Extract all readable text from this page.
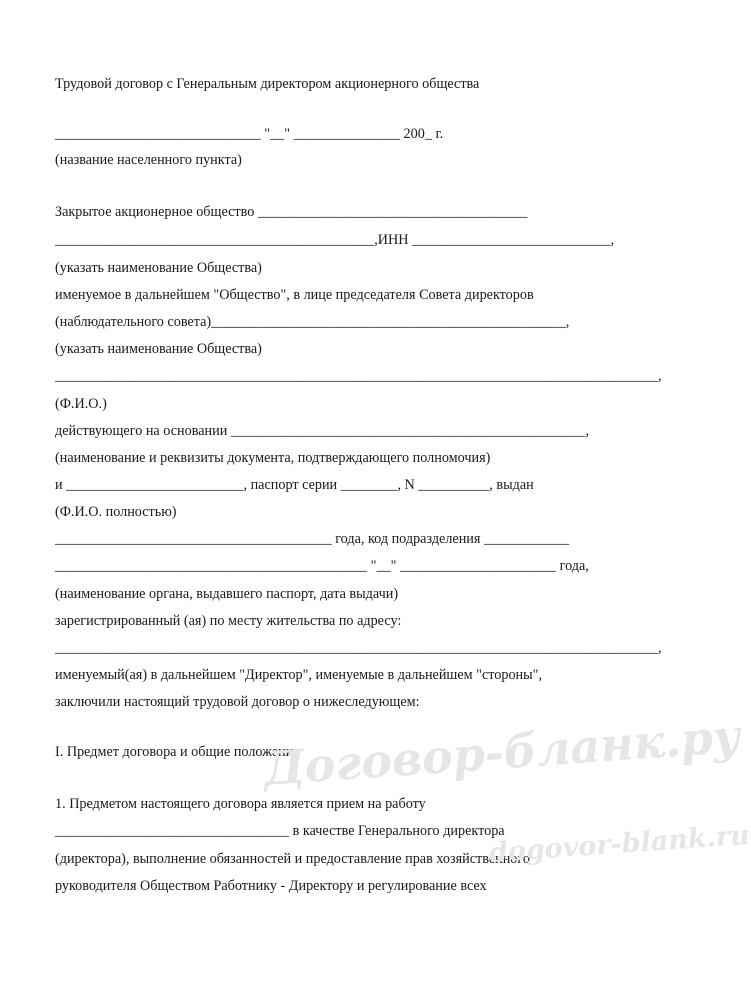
Трудовой договор с Генеральным директором акционерного общества
_____________________________ "__" _______________ 200_ г.
(название населенного пункта)
Закрытое акционерное общество ______________________________________
_____________________________________________,ИНН ____________________________,
(указать наименование Общества)
именуемое в дальнейшем "Общество", в лице председателя Совета директоров
(наблюдательного совета)__________________________________________________,
(указать наименование Общества)
_____________________________________________________________________________________,
(Ф.И.О.)
действующего на основании __________________________________________________,
(наименование и реквизиты документа, подтверждающего полномочия)
и _________________________, паспорт серии ________, N __________, выдан
(Ф.И.О. полностью)
_______________________________________ года, код подразделения ____________
____________________________________________ "__" ______________________ года,
(наименование органа, выдавшего паспорт, дата выдачи)
зарегистрированный (ая) по месту жительства по адресу:
_____________________________________________________________________________________,
именуемый(ая) в дальнейшем "Директор", именуемые в дальнейшем "стороны",
заключили настоящий трудовой договор о нижеследующем:
I. Предмет договора и общие положения
1. Предметом настоящего договора является прием на работу
_________________________________ в качестве Генерального директора
(директора), выполнение обязанностей и предоставление прав хозяйственного
руководителя Обществом Работнику - Директору и регулирование всех
Договор-бланк.ру
dogovor-blank.ru
